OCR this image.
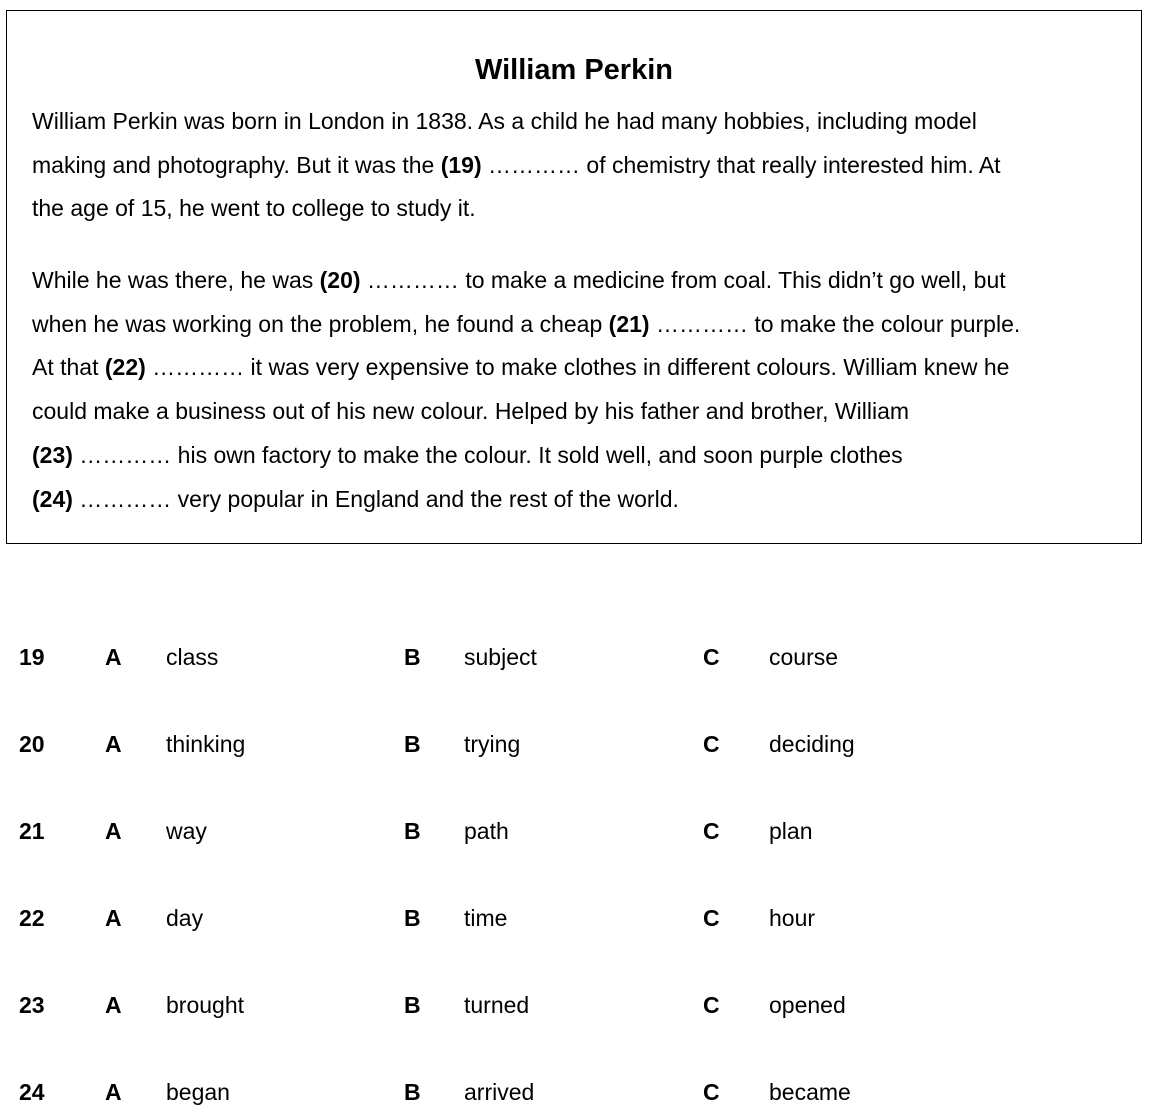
William Perkin

William Perkin was born in London in 1838. As a child he had many hobbies, including model
making and photography. But it was the (19) ………… of chemistry that really interested him. At
the age of 15, he went to college to study it.

While he was there, he was (20) ………… to make a medicine from coal. This didn’t go well, but
when he was working on the problem, he found a cheap (21) ………… to make the colour purple.
At that (22) ………… it was very expensive to make clothes in different colours. William knew he
could make a business out of his new colour. Helped by his father and brother, William
(23) ………… his own factory to make the colour. It sold well, and soon purple clothes
(24) ………… very popular in England and the rest of the world.

19	A class	B subject	C course
20	A thinking	B trying	C deciding
21	A way	B path	C plan
22	A day	B time	C hour
23	A brought	B turned	C opened
24	A began	B arrived	C became
